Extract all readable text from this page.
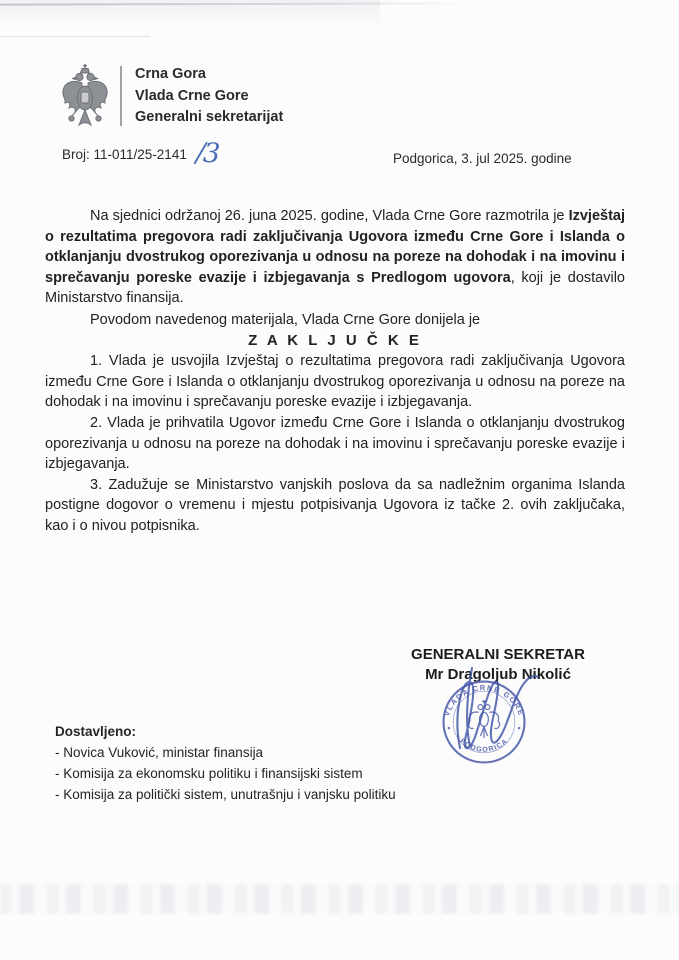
Crna Gora
Vlada Crne Gore
Generalni sekretarijat
Broj: 11-011/25-2141 /3	Podgorica, 3. jul 2025. godine

Na sjednici održanoj 26. juna 2025. godine, Vlada Crne Gore razmotrila je Izvještaj o rezultatima pregovora radi zaključivanja Ugovora između Crne Gore i Islanda o otklanjanju dvostrukog oporezivanja u odnosu na poreze na dohodak i na imovinu i sprečavanju poreske evazije i izbjegavanja s Predlogom ugovora, koji je dostavilo Ministarstvo finansija.

Povodom navedenog materijala, Vlada Crne Gore donijela je

Z A K L J U Č K E

1. Vlada je usvojila Izvještaj o rezultatima pregovora radi zaključivanja Ugovora između Crne Gore i Islanda o otklanjanju dvostrukog oporezivanja u odnosu na poreze na dohodak i na imovinu i sprečavanju poreske evazije i izbjegavanja.

2. Vlada je prihvatila Ugovor između Crne Gore i Islanda o otklanjanju dvostrukog oporezivanja u odnosu na poreze na dohodak i na imovinu i sprečavanju poreske evazije i izbjegavanja.

3. Zadužuje se Ministarstvo vanjskih poslova da sa nadležnim organima Islanda postigne dogovor o vremenu i mjestu potpisivanja Ugovora iz tačke 2. ovih zaključaka, kao i o nivou potpisnika.

GENERALNI SEKRETAR
Mr Dragoljub Nikolić
VLADA CRNE GORE
PODGORICA
Dostavljeno:
- Novica Vuković, ministar finansija
- Komisija za ekonomsku politiku i finansijski sistem
- Komisija za politički sistem, unutrašnju i vanjsku politiku
